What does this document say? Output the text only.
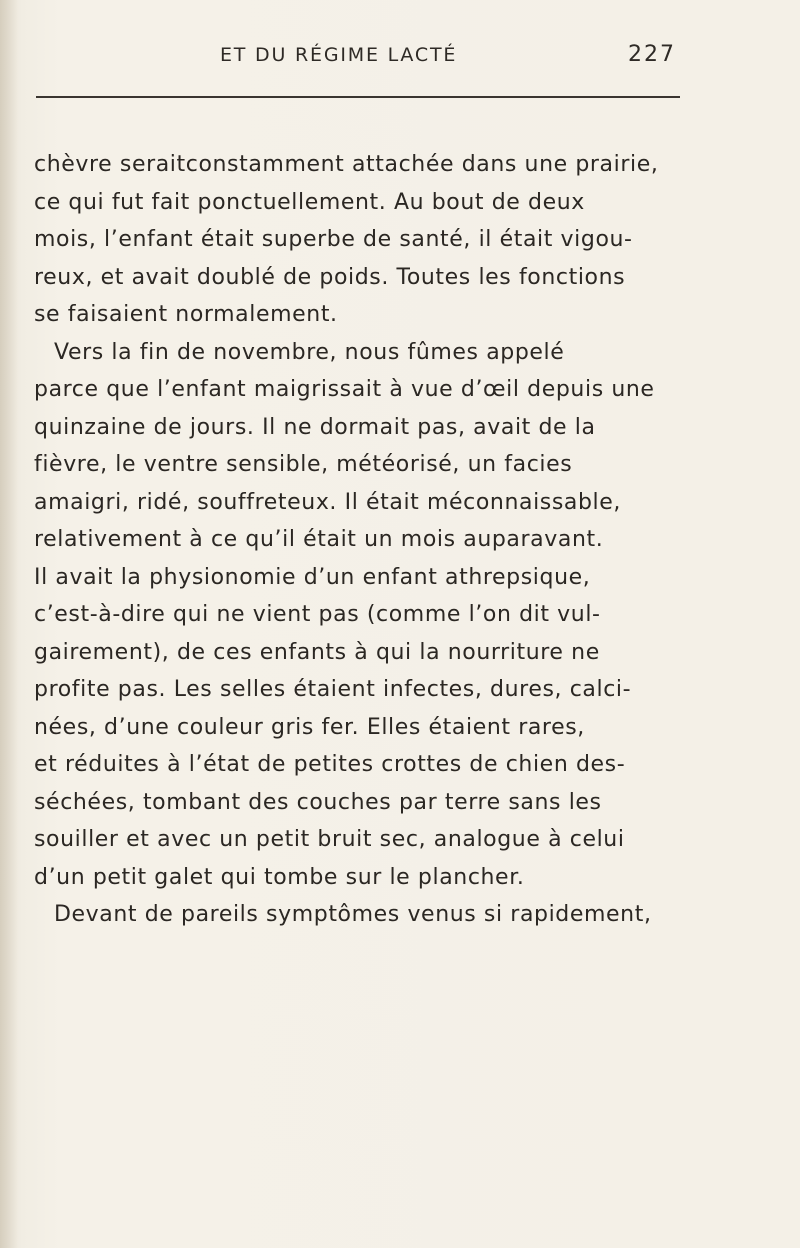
ET DU RÉGIME LACTÉ	227
chèvre seraitconstamment attachée dans une prairie,
ce qui fut fait ponctuellement. Au bout de deux
mois, l’enfant était superbe de santé, il était vigou-
reux, et avait doublé de poids. Toutes les fonctions
se faisaient normalement.
Vers la fin de novembre, nous fûmes appelé
parce que l’enfant maigrissait à vue d’œil depuis une
quinzaine de jours. Il ne dormait pas, avait de la
fièvre, le ventre sensible, météorisé, un facies
amaigri, ridé, souffreteux. Il était méconnaissable,
relativement à ce qu’il était un mois auparavant.
Il avait la physionomie d’un enfant athrepsique,
c’est-à-dire qui ne vient pas (comme l’on dit vul-
gairement), de ces enfants à qui la nourriture ne
profite pas. Les selles étaient infectes, dures, calci-
nées, d’une couleur gris fer. Elles étaient rares,
et réduites à l’état de petites crottes de chien des-
séchées, tombant des couches par terre sans les
souiller et avec un petit bruit sec, analogue à celui
d’un petit galet qui tombe sur le plancher.
Devant de pareils symptômes venus si rapidement,
